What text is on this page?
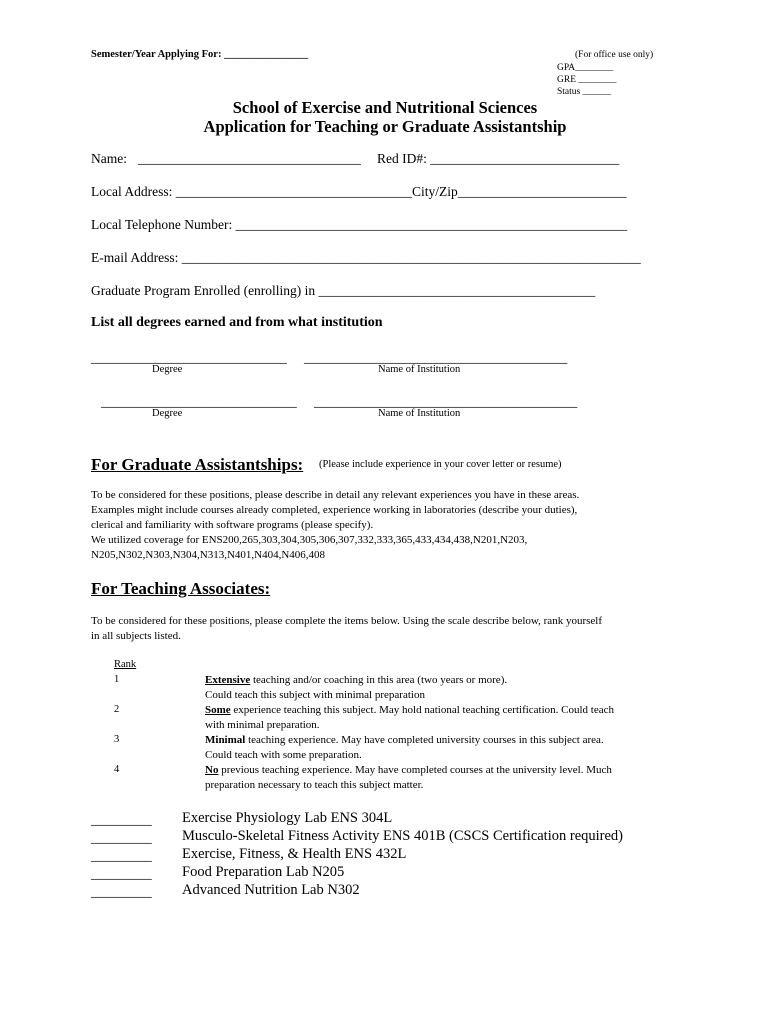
Semester/Year Applying For: ________________	(For office use only)
GPA________
GRE ________
Status ______
School of Exercise and Nutritional Sciences
Application for Teaching or Graduate Assistantship
Name: _________________________________ Red ID#: ____________________________
Local Address: ___________________________________City/Zip_________________________
Local Telephone Number: __________________________________________________________
E-mail Address: ____________________________________________________________________
Graduate Program Enrolled (enrolling) in _________________________________________
List all degrees earned and from what institution
_____________________________ _______________________________________
Degree	Name of Institution
_____________________________ _______________________________________
Degree	Name of Institution
For Graduate Assistantships: (Please include experience in your cover letter or resume)
To be considered for these positions, please describe in detail any relevant experiences you have in these areas.
Examples might include courses already completed, experience working in laboratories (describe your duties),
clerical and familiarity with software programs (please specify).
We utilized coverage for ENS200,265,303,304,305,306,307,332,333,365,433,434,438,N201,N203,
N205,N302,N303,N304,N313,N401,N404,N406,408
For Teaching Associates:
To be considered for these positions, please complete the items below. Using the scale describe below, rank yourself
in all subjects listed.
Rank
1	Extensive teaching and/or coaching in this area (two years or more).
Could teach this subject with minimal preparation
2	Some experience teaching this subject. May hold national teaching certification. Could teach
with minimal preparation.
3	Minimal teaching experience. May have completed university courses in this subject area.
Could teach with some preparation.
4	No previous teaching experience. May have completed courses at the university level. Much
preparation necessary to teach this subject matter.
_________ Exercise Physiology Lab ENS 304L
_________ Musculo-Skeletal Fitness Activity ENS 401B (CSCS Certification required)
_________ Exercise, Fitness, & Health ENS 432L
_________ Food Preparation Lab N205
_________ Advanced Nutrition Lab N302
